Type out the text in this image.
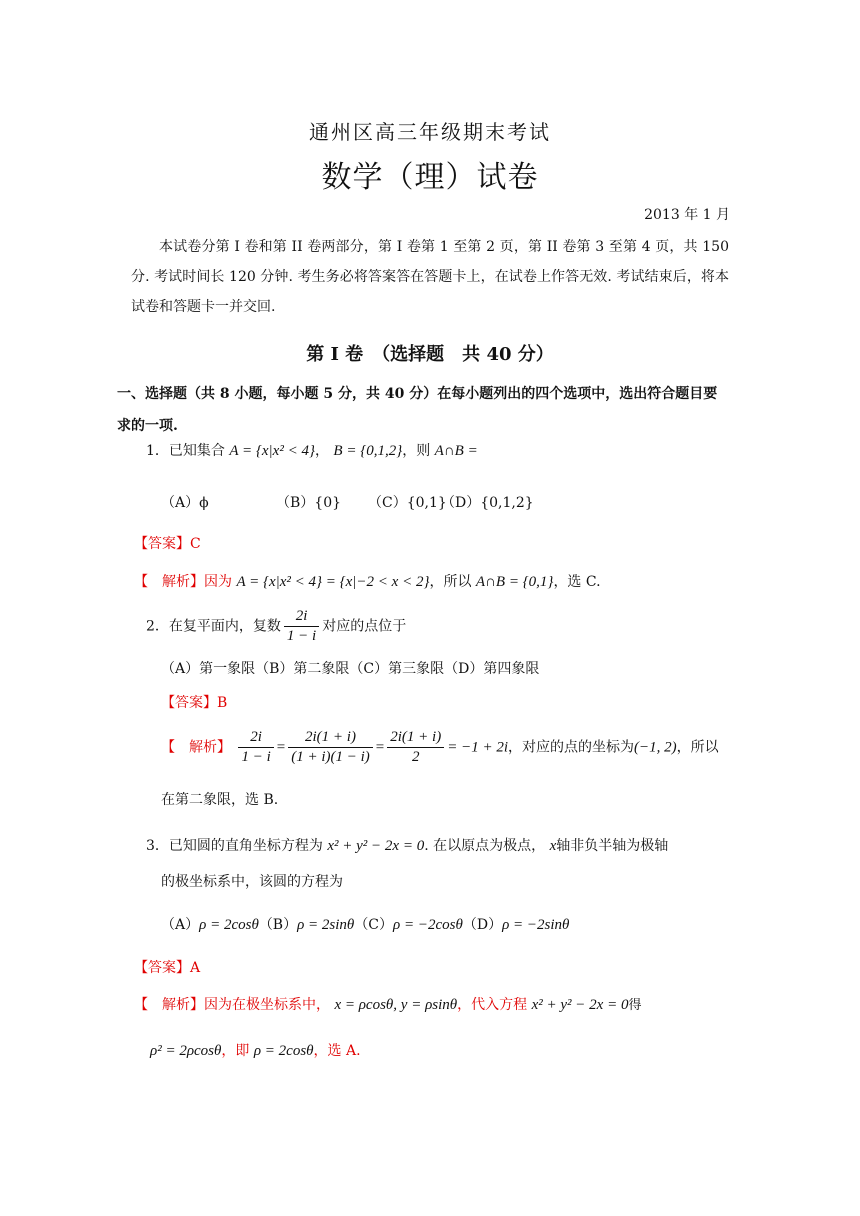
通州区高三年级期末考试
数学（理）试卷
2013 年 1 月
本试卷分第 I 卷和第 II 卷两部分，第 I 卷第 1 至第 2 页，第 II 卷第 3 至第 4 页，共 150 分. 考试时间长 120 分钟. 考生务必将答案答在答题卡上，在试卷上作答无效. 考试结束后，将本试卷和答题卡一并交回.
第 Ⅰ 卷　（选择题　共 40 分）
一、选择题（共 8 小题，每小题 5 分，共 40 分）在每小题列出的四个选项中，选出符合题目要求的一项.
1．已知集合 A = {x|x² < 4}， B = {0,1,2}，则 A∩B =
（A）ϕ	（B）{0} （C）{0,1}
（D）{0,1,2}
【答案】C
【　解析】因为 A = {x|x² < 4} = {x|−2 < x < 2}，所以 A∩B = {0,1}，选 C.
2．在复平面内，复数 $\frac{2i}{1 - i}$ 对应的点位于
（A）第一象限（B）第二象限（C）第三象限（D）第四象限
【答案】B
【　解析】 $\frac{2i}{1 - i} = \frac{2i(1 + i)}{(1 + i)(1 - i)} = \frac{2i(1 + i)}{2} = -1 + 2i$，对应的点的坐标为(−1, 2)，所以
在第二象限，选 B.
3．已知圆的直角坐标方程为 x² + y² − 2x = 0. 在以原点为极点， x轴非负半轴为极轴
的极坐标系中，该圆的方程为
（A）ρ = 2cosθ（B）ρ = 2sinθ（C）ρ = −2cosθ（D）ρ = −2sinθ
【答案】A
【　解析】因为在极坐标系中， x = ρcosθ, y = ρsinθ，代入方程 x² + y² − 2x = 0得
ρ² = 2ρcosθ，即 ρ = 2cosθ，选 A.
